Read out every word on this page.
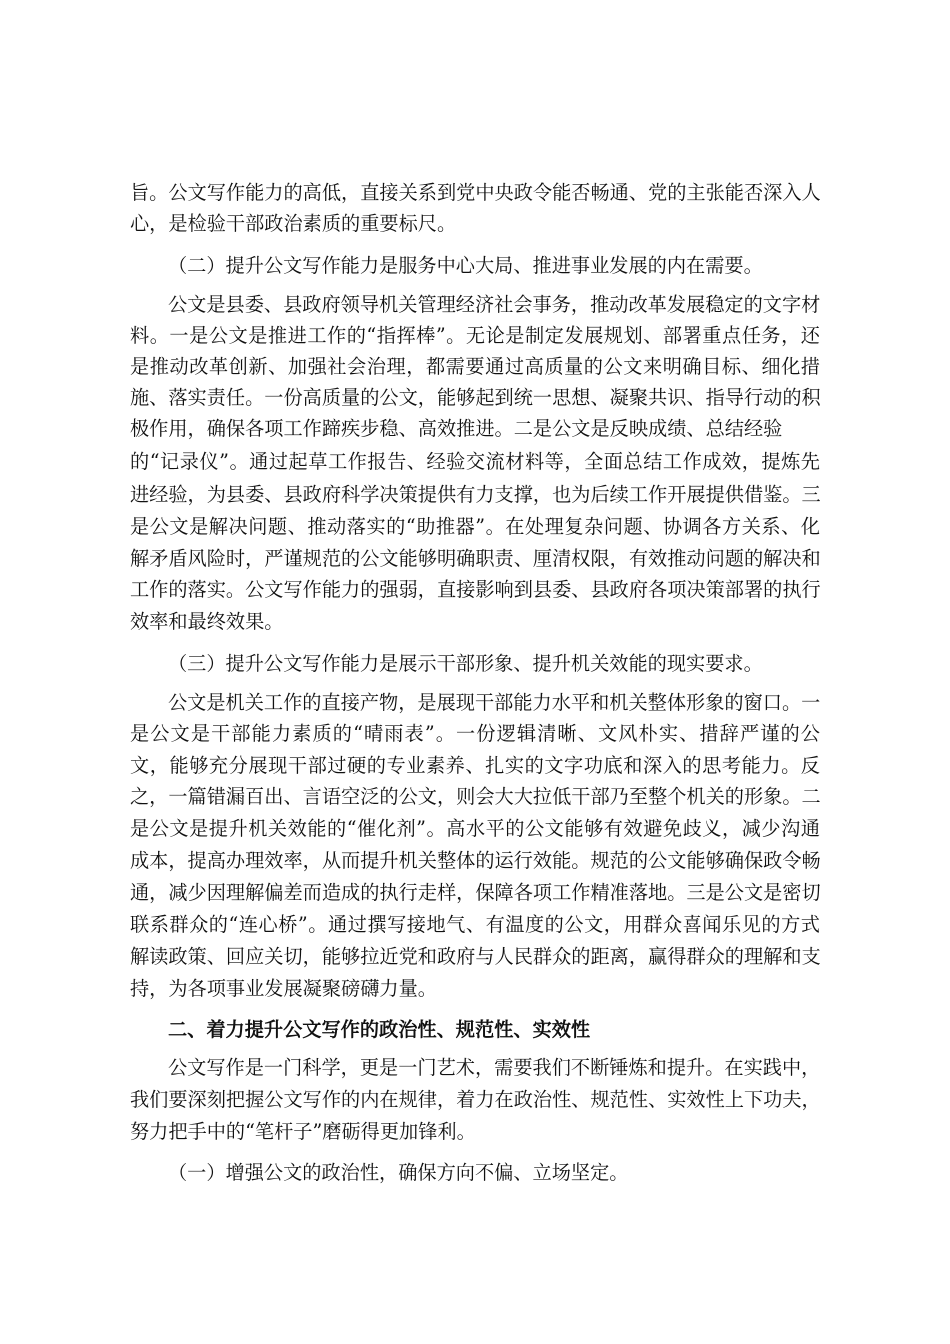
旨。公文写作能力的高低，直接关系到党中央政令能否畅通、党的主张能否深入人
心，是检验干部政治素质的重要标尺。
（二）提升公文写作能力是服务中心大局、推进事业发展的内在需要。
公文是县委、县政府领导机关管理经济社会事务，推动改革发展稳定的文字材
料。一是公文是推进工作的“指挥棒”。无论是制定发展规划、部署重点任务，还
是推动改革创新、加强社会治理，都需要通过高质量的公文来明确目标、细化措
施、落实责任。一份高质量的公文，能够起到统一思想、凝聚共识、指导行动的积
极作用，确保各项工作蹄疾步稳、高效推进。二是公文是反映成绩、总结经验
的“记录仪”。通过起草工作报告、经验交流材料等，全面总结工作成效，提炼先
进经验，为县委、县政府科学决策提供有力支撑，也为后续工作开展提供借鉴。三
是公文是解决问题、推动落实的“助推器”。在处理复杂问题、协调各方关系、化
解矛盾风险时，严谨规范的公文能够明确职责、厘清权限，有效推动问题的解决和
工作的落实。公文写作能力的强弱，直接影响到县委、县政府各项决策部署的执行
效率和最终效果。
（三）提升公文写作能力是展示干部形象、提升机关效能的现实要求。
公文是机关工作的直接产物，是展现干部能力水平和机关整体形象的窗口。一
是公文是干部能力素质的“晴雨表”。一份逻辑清晰、文风朴实、措辞严谨的公
文，能够充分展现干部过硬的专业素养、扎实的文字功底和深入的思考能力。反
之，一篇错漏百出、言语空泛的公文，则会大大拉低干部乃至整个机关的形象。二
是公文是提升机关效能的“催化剂”。高水平的公文能够有效避免歧义，减少沟通
成本，提高办理效率，从而提升机关整体的运行效能。规范的公文能够确保政令畅
通，减少因理解偏差而造成的执行走样，保障各项工作精准落地。三是公文是密切
联系群众的“连心桥”。通过撰写接地气、有温度的公文，用群众喜闻乐见的方式
解读政策、回应关切，能够拉近党和政府与人民群众的距离，赢得群众的理解和支
持，为各项事业发展凝聚磅礴力量。
二、着力提升公文写作的政治性、规范性、实效性
公文写作是一门科学，更是一门艺术，需要我们不断锤炼和提升。在实践中，
我们要深刻把握公文写作的内在规律，着力在政治性、规范性、实效性上下功夫，
努力把手中的“笔杆子”磨砺得更加锋利。
（一）增强公文的政治性，确保方向不偏、立场坚定。
